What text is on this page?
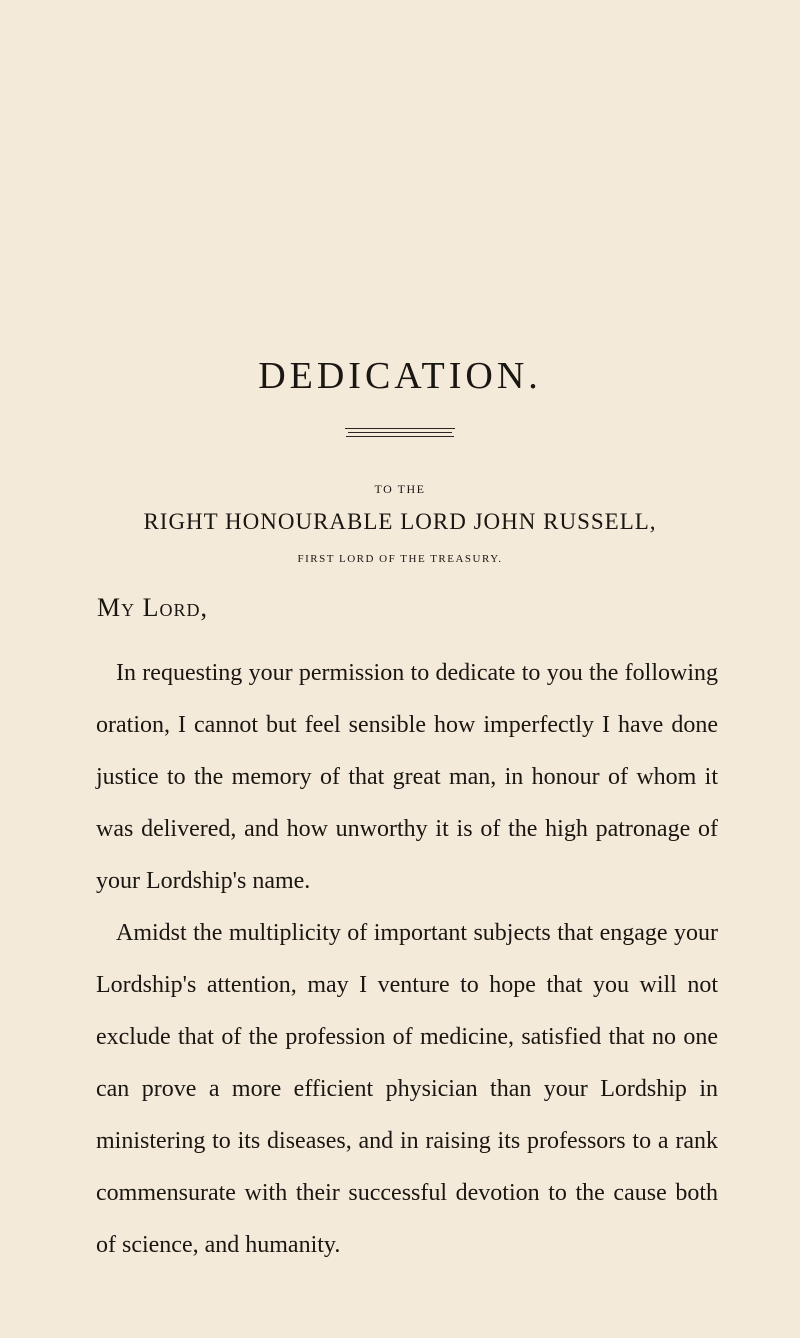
DEDICATION.
TO THE
RIGHT HONOURABLE LORD JOHN RUSSELL,
FIRST LORD OF THE TREASURY.
My Lord,

In requesting your permission to dedicate to you the following oration, I cannot but feel sensible how imperfectly I have done justice to the memory of that great man, in honour of whom it was delivered, and how unworthy it is of the high patronage of your Lordship's name.

Amidst the multiplicity of important subjects that engage your Lordship's attention, may I venture to hope that you will not exclude that of the profession of medicine, satisfied that no one can prove a more efficient physician than your Lordship in ministering to its diseases, and in raising its professors to a rank commensurate with their successful devotion to the cause both of science, and humanity.
